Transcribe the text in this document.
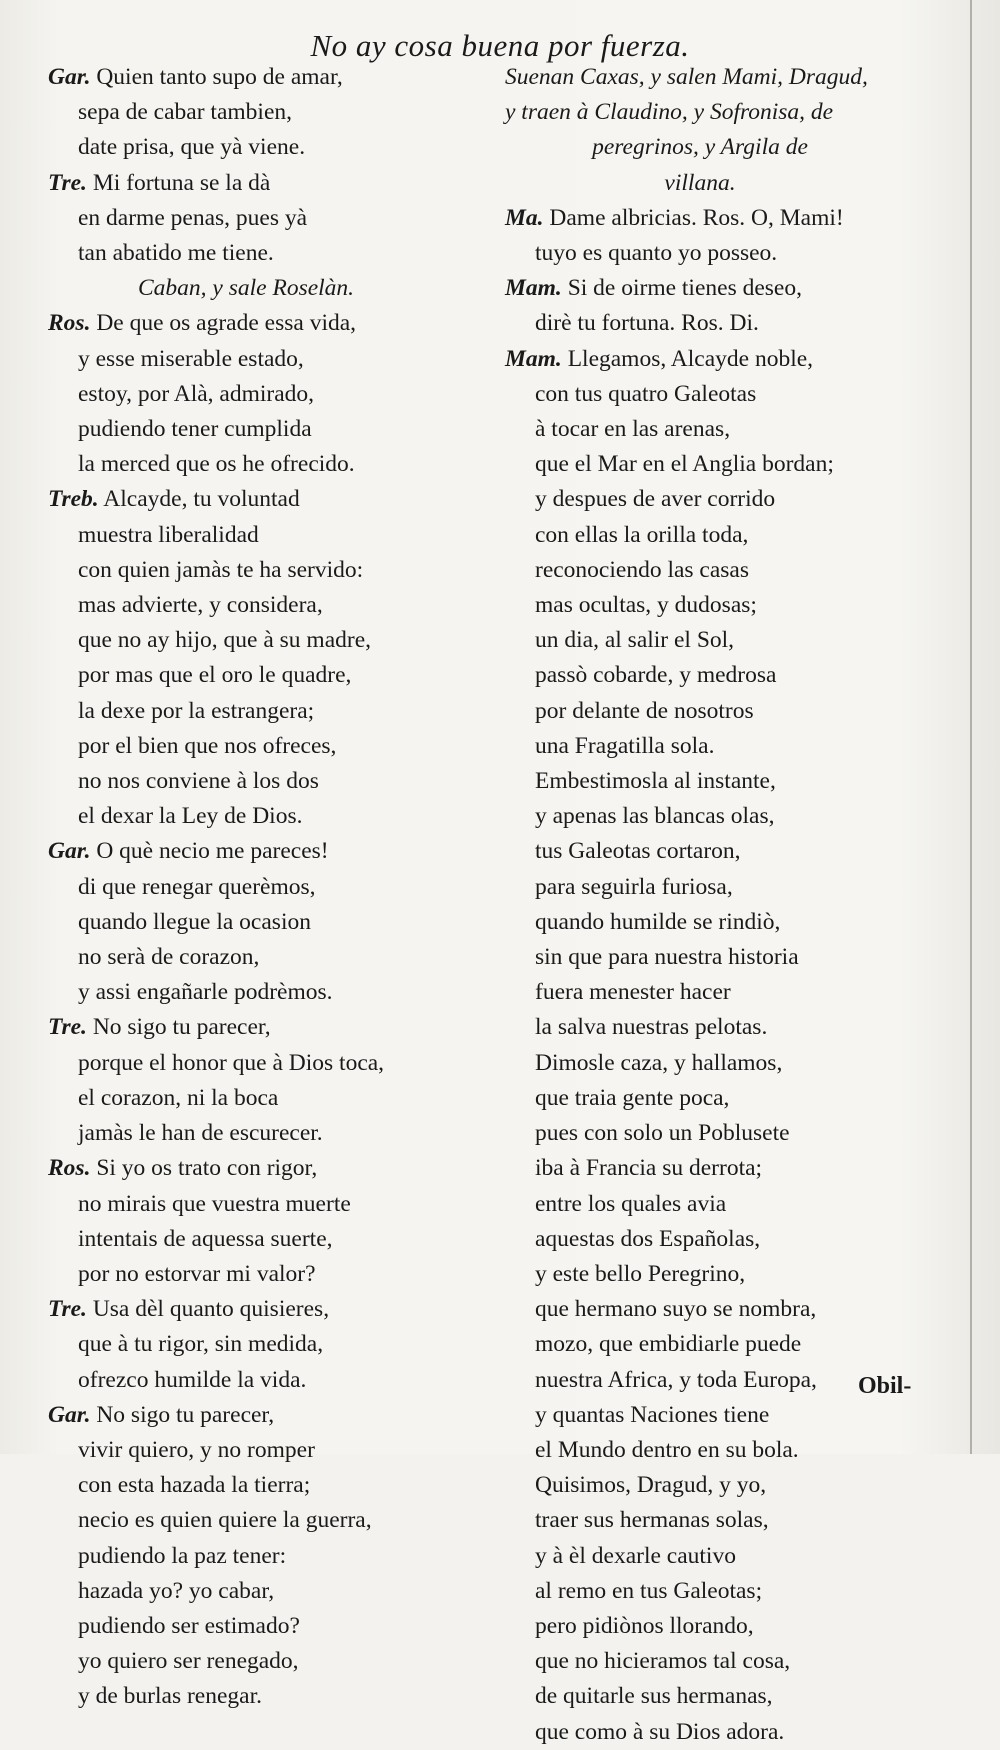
No ay cosa buena por fuerza.
Gar. Quien tanto supo de amar,
sepa de cabar tambien,
date prisa, que yà viene.
Tre. Mi fortuna se la dà
en darme penas, pues yà
tan abatido me tiene.
Caban, y sale Roselàn.
Ros. De que os agrade essa vida,
y esse miserable estado,
estoy, por Alà, admirado,
pudiendo tener cumplida
la merced que os he ofrecido.
Treb. Alcayde, tu voluntad
muestra liberalidad
con quien jamàs te ha servido:
mas advierte, y considera,
que no ay hijo, que à su madre,
por mas que el oro le quadre,
la dexe por la estrangera;
por el bien que nos ofreces,
no nos conviene à los dos
el dexar la Ley de Dios.
Gar. O què necio me pareces!
di que renegar querèmos,
quando llegue la ocasion
no serà de corazon,
y assi engañarle podrèmos.
Tre. No sigo tu parecer,
porque el honor que à Dios toca,
el corazon, ni la boca
jamàs le han de escurecer.
Ros. Si yo os trato con rigor,
no mirais que vuestra muerte
intentais de aquessa suerte,
por no estorvar mi valor?
Tre. Usa dèl quanto quisieres,
que à tu rigor, sin medida,
ofrezco humilde la vida.
Gar. No sigo tu parecer,
vivir quiero, y no romper
con esta hazada la tierra;
necio es quien quiere la guerra,
pudiendo la paz tener:
hazada yo? yo cabar,
pudiendo ser estimado?
yo quiero ser renegado,
y de burlas renegar.
Suenan Caxas, y salen Mami, Dragud,
y traen à Claudino, y Sofronisa, de
peregrinos, y Argila de
villana.
Ma. Dame albricias. Ros. O, Mami!
tuyo es quanto yo posseo.
Mam. Si de oirme tienes deseo,
dirè tu fortuna. Ros. Di.
Mam. Llegamos, Alcayde noble,
con tus quatro Galeotas
à tocar en las arenas,
que el Mar en el Anglia bordan;
y despues de aver corrido
con ellas la orilla toda,
reconociendo las casas
mas ocultas, y dudosas;
un dia, al salir el Sol,
passò cobarde, y medrosa
por delante de nosotros
una Fragatilla sola.
Embestimosla al instante,
y apenas las blancas olas,
tus Galeotas cortaron,
para seguirla furiosa,
quando humilde se rindiò,
sin que para nuestra historia
fuera menester hacer
la salva nuestras pelotas.
Dimosle caza, y hallamos,
que traia gente poca,
pues con solo un Poblusete
iba à Francia su derrota;
entre los quales avia
aquestas dos Españolas,
y este bello Peregrino,
que hermano suyo se nombra,
mozo, que embidiarle puede
nuestra Africa, y toda Europa,
y quantas Naciones tiene
el Mundo dentro en su bola.
Quisimos, Dragud, y yo,
traer sus hermanas solas,
y à èl dexarle cautivo
al remo en tus Galeotas;
pero pidiònos llorando,
que no hicieramos tal cosa,
de quitarle sus hermanas,
que como à su Dios adora.
Obil-
